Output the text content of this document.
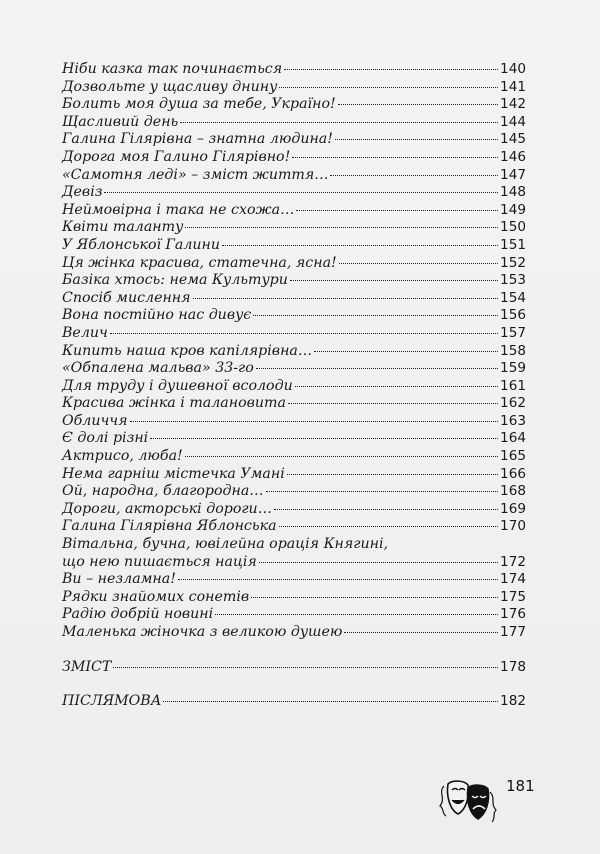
Ніби казка так починається	140
Дозвольте у щасливу днину	141
Болить моя душа за тебе, Україно!	142
Щасливий день	144
Галина Гілярівна – знатна людина!	145
Дорога моя Галино Гілярівно!	146
«Самотня леді» – зміст життя…	147
Девіз	148
Неймовірна і така не схожа…	149
Квіти таланту	150
У Яблонської Галини	151
Ця жінка красива, статечна, ясна!	152
Базіка хтось: нема Культури	153
Спосіб мислення	154
Вона постійно нас дивує	156
Велич	157
Кипить наша кров капілярівна…	158
«Обпалена мальва» 33-го	159
Для труду і душевної всолоди	161
Красива жінка і талановита	162
Обличчя	163
Є долі різні	164
Актрисо, люба!	165
Нема гарніш містечка Умані	166
Ой, народна, благородна…	168
Дороги, акторські дороги…	169
Галина Гілярівна Яблонська	170
Вітальна, бучна, ювілейна орація Княгині,
що нею пишається нація	172
Ви – незламна!	174
Рядки знайомих сонетів	175
Радію добрій новині	176
Маленька жіночка з великою душею	177
ЗМІСТ	178
ПІСЛЯМОВА	182
181
